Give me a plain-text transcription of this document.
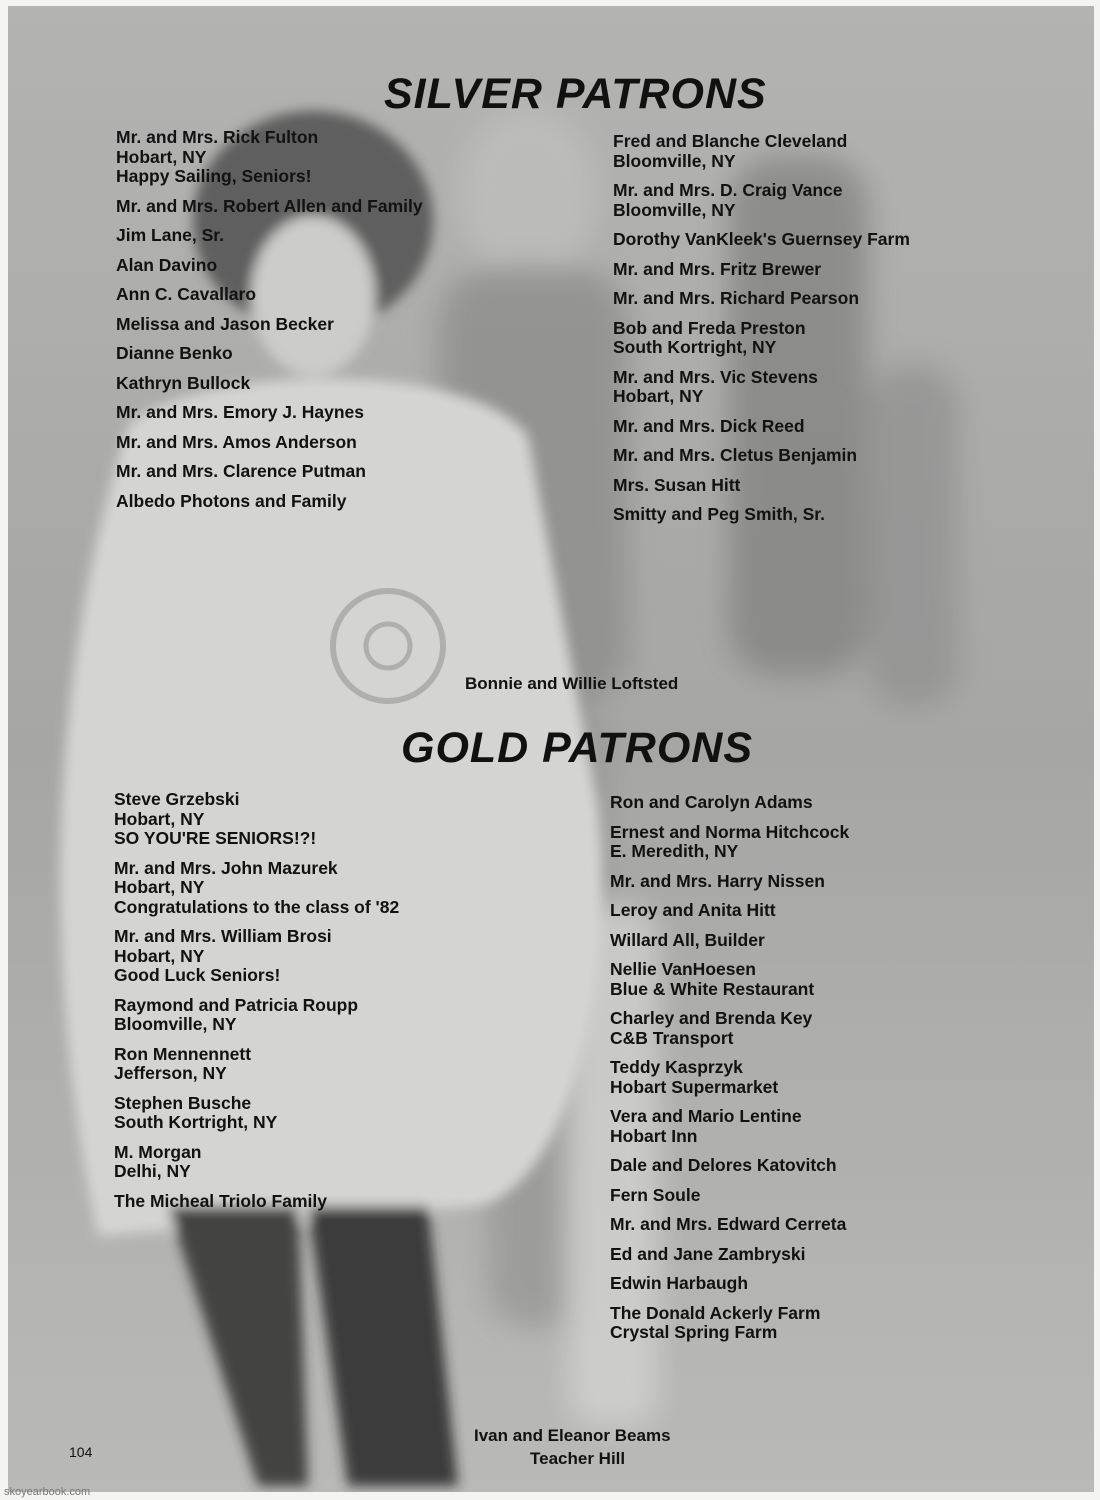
SILVER PATRONS
Mr. and Mrs. Rick Fulton
Hobart, NY
Happy Sailing, Seniors!
Mr. and Mrs. Robert Allen and Family
Jim Lane, Sr.
Alan Davino
Ann C. Cavallaro
Melissa and Jason Becker
Dianne Benko
Kathryn Bullock
Mr. and Mrs. Emory J. Haynes
Mr. and Mrs. Amos Anderson
Mr. and Mrs. Clarence Putman
Albedo Photons and Family
Fred and Blanche Cleveland
Bloomville, NY
Mr. and Mrs. D. Craig Vance
Bloomville, NY
Dorothy VanKleek's Guernsey Farm
Mr. and Mrs. Fritz Brewer
Mr. and Mrs. Richard Pearson
Bob and Freda Preston
South Kortright, NY
Mr. and Mrs. Vic Stevens
Hobart, NY
Mr. and Mrs. Dick Reed
Mr. and Mrs. Cletus Benjamin
Mrs. Susan Hitt
Smitty and Peg Smith, Sr.
Bonnie and Willie Loftsted
GOLD PATRONS
Steve Grzebski
Hobart, NY
SO YOU'RE SENIORS!?!
Mr. and Mrs. John Mazurek
Hobart, NY
Congratulations to the class of '82
Mr. and Mrs. William Brosi
Hobart, NY
Good Luck Seniors!
Raymond and Patricia Roupp
Bloomville, NY
Ron Mennennett
Jefferson, NY
Stephen Busche
South Kortright, NY
M. Morgan
Delhi, NY
The Micheal Triolo Family
Ron and Carolyn Adams
Ernest and Norma Hitchcock
E. Meredith, NY
Mr. and Mrs. Harry Nissen
Leroy and Anita Hitt
Willard All, Builder
Nellie VanHoesen
Blue & White Restaurant
Charley and Brenda Key
C&B Transport
Teddy Kasprzyk
Hobart Supermarket
Vera and Mario Lentine
Hobart Inn
Dale and Delores Katovitch
Fern Soule
Mr. and Mrs. Edward Cerreta
Ed and Jane Zambryski
Edwin Harbaugh
The Donald Ackerly Farm
Crystal Spring Farm
Ivan and Eleanor Beams
Teacher Hill
104
skoyearbook.com
